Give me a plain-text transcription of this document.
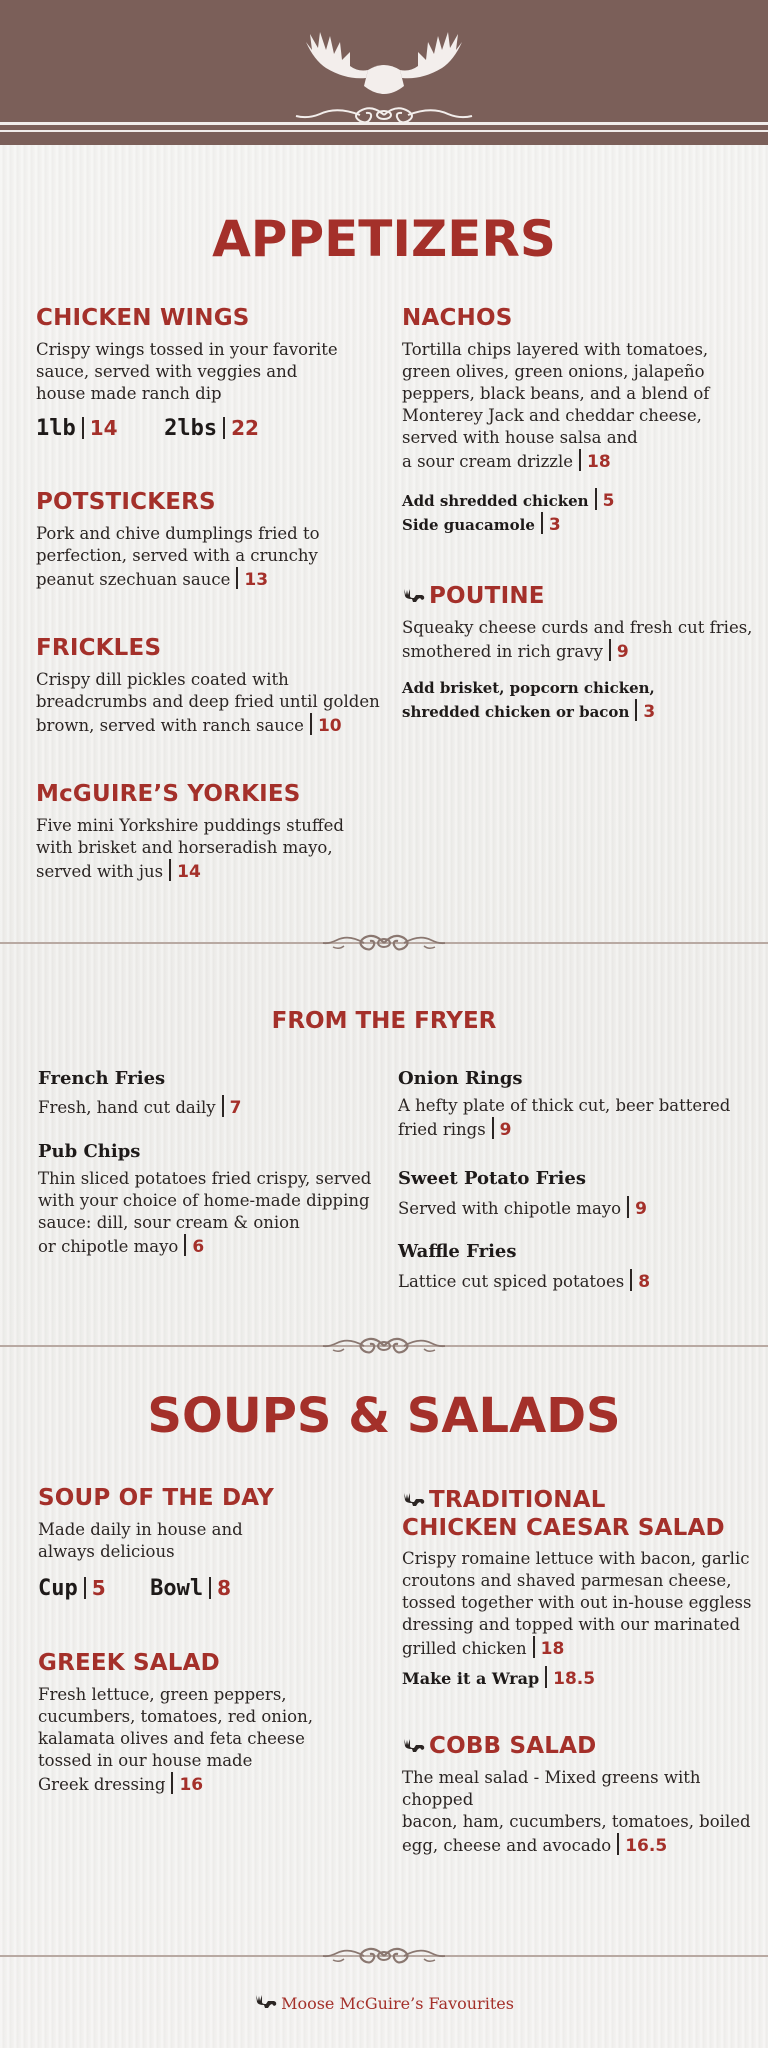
APPETIZERS
CHICKEN WINGS
Crispy wings tossed in your favorite
sauce, served with veggies and
house made ranch dip
1lb 14 2lbs 22
POTSTICKERS
Pork and chive dumplings fried to
perfection, served with a crunchy
peanut szechuan sauce 13
FRICKLES
Crispy dill pickles coated with
breadcrumbs and deep fried until golden
brown, served with ranch sauce 10
McGUIRE’S YORKIES
Five mini Yorkshire puddings stuffed
with brisket and horseradish mayo,
served with jus 14
NACHOS
Tortilla chips layered with tomatoes,
green olives, green onions, jalapeño
peppers, black beans, and a blend of
Monterey Jack and cheddar cheese,
served with house salsa and
a sour cream drizzle 18
Add shredded chicken 5
Side guacamole 3
POUTINE
Squeaky cheese curds and fresh cut fries,
smothered in rich gravy 9
Add brisket, popcorn chicken,
shredded chicken or bacon 3
FROM THE FRYER
French Fries
Fresh, hand cut daily 7
Pub Chips
Thin sliced potatoes fried crispy, served
with your choice of home-made dipping
sauce: dill, sour cream & onion
or chipotle mayo 6
Onion Rings
A hefty plate of thick cut, beer battered
fried rings 9
Sweet Potato Fries
Served with chipotle mayo 9
Waffle Fries
Lattice cut spiced potatoes 8
SOUPS & SALADS
SOUP OF THE DAY
Made daily in house and
always delicious
Cup 5 Bowl 8
GREEK SALAD
Fresh lettuce, green peppers,
cucumbers, tomatoes, red onion,
kalamata olives and feta cheese
tossed in our house made
Greek dressing 16
TRADITIONAL
CHICKEN CAESAR SALAD
Crispy romaine lettuce with bacon, garlic
croutons and shaved parmesan cheese,
tossed together with out in-house eggless
dressing and topped with our marinated
grilled chicken 18
Make it a Wrap 18.5
COBB SALAD
The meal salad - Mixed greens with chopped
bacon, ham, cucumbers, tomatoes, boiled
egg, cheese and avocado 16.5
Moose McGuire’s Favourites
